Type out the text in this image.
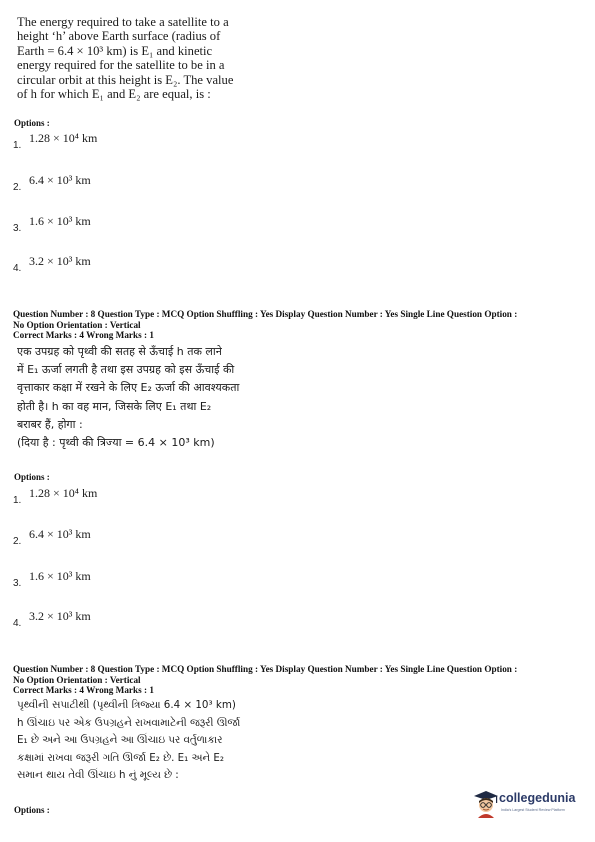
The energy required to take a satellite to a
height ‘h’ above Earth surface (radius of
Earth = 6.4 × 10³ km) is E₁ and kinetic
energy required for the satellite to be in a
circular orbit at this height is E₂. The value
of h for which E₁ and E₂ are equal, is :
Options :
1.
1.28 × 10⁴ km
2.
6.4 × 10³ km
3.
1.6 × 10³ km
4.
3.2 × 10³ km
Question Number : 8 Question Type : MCQ Option Shuffling : Yes Display Question Number : Yes Single Line Question Option :
No Option Orientation : Vertical
Correct Marks : 4 Wrong Marks : 1
एक उपग्रह को पृथ्वी की सतह से ऊँचाई h तक लाने
में E₁ ऊर्जा लगती है तथा इस उपग्रह को इस ऊँचाई की
वृत्ताकार कक्षा में रखने के लिए E₂ ऊर्जा की आवश्यकता
होती है। h का वह मान, जिसके लिए E₁ तथा E₂
बराबर हैं, होगा :
(दिया है : पृथ्वी की त्रिज्या = 6.4 × 10³ km)
Options :
1.
1.28 × 10⁴ km
2.
6.4 × 10³ km
3.
1.6 × 10³ km
4.
3.2 × 10³ km
Question Number : 8 Question Type : MCQ Option Shuffling : Yes Display Question Number : Yes Single Line Question Option :
No Option Orientation : Vertical
Correct Marks : 4 Wrong Marks : 1
પૃથ્વીની સપાટીથી (પૃથ્વીની ત્રિજ્યા 6.4 × 10³ km)
h ઊંચાઇ પર એક ઉપગ્રહને રાખવામાટેની જરૂરી ઊર્જા
E₁ છે અને આ ઉપગ્રહને આ ઊંચાઇ પર વર્તુળાકાર
કક્ષામાં રાખવા જરૂરી ગતિ ઊર્જા E₂ છે. E₁ અને E₂
સમાન થાય તેવી ઊંચાઇ h નું મૂલ્ય છે :
Options :
collegedunia
India's Largest Student Review Platform
